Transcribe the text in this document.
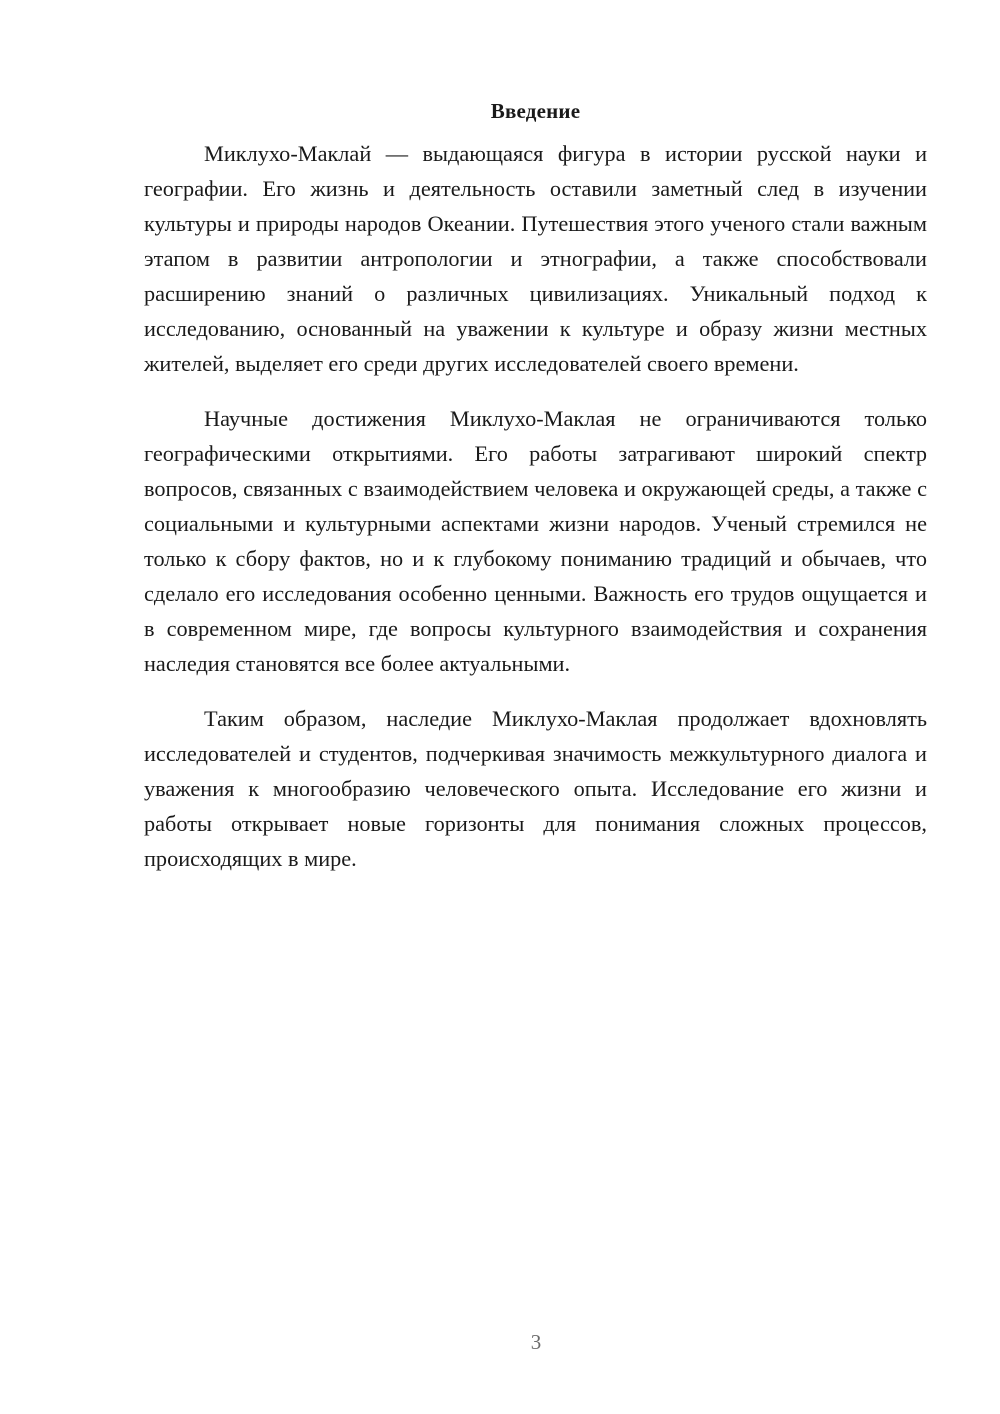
Введение

Миклухо-Маклай — выдающаяся фигура в истории русской науки и географии. Его жизнь и деятельность оставили заметный след в изучении культуры и природы народов Океании. Путешествия этого ученого стали важным этапом в развитии антропологии и этнографии, а также способствовали расширению знаний о различных цивилизациях. Уникальный подход к исследованию, основанный на уважении к культуре и образу жизни местных жителей, выделяет его среди других исследователей своего времени.

Научные достижения Миклухо-Маклая не ограничиваются только географическими открытиями. Его работы затрагивают широкий спектр вопросов, связанных с взаимодействием человека и окружающей среды, а также с социальными и культурными аспектами жизни народов. Ученый стремился не только к сбору фактов, но и к глубокому пониманию традиций и обычаев, что сделало его исследования особенно ценными. Важность его трудов ощущается и в современном мире, где вопросы культурного взаимодействия и сохранения наследия становятся все более актуальными.

Таким образом, наследие Миклухо-Маклая продолжает вдохновлять исследователей и студентов, подчеркивая значимость межкультурного диалога и уважения к многообразию человеческого опыта. Исследование его жизни и работы открывает новые горизонты для понимания сложных процессов, происходящих в мире.

3
